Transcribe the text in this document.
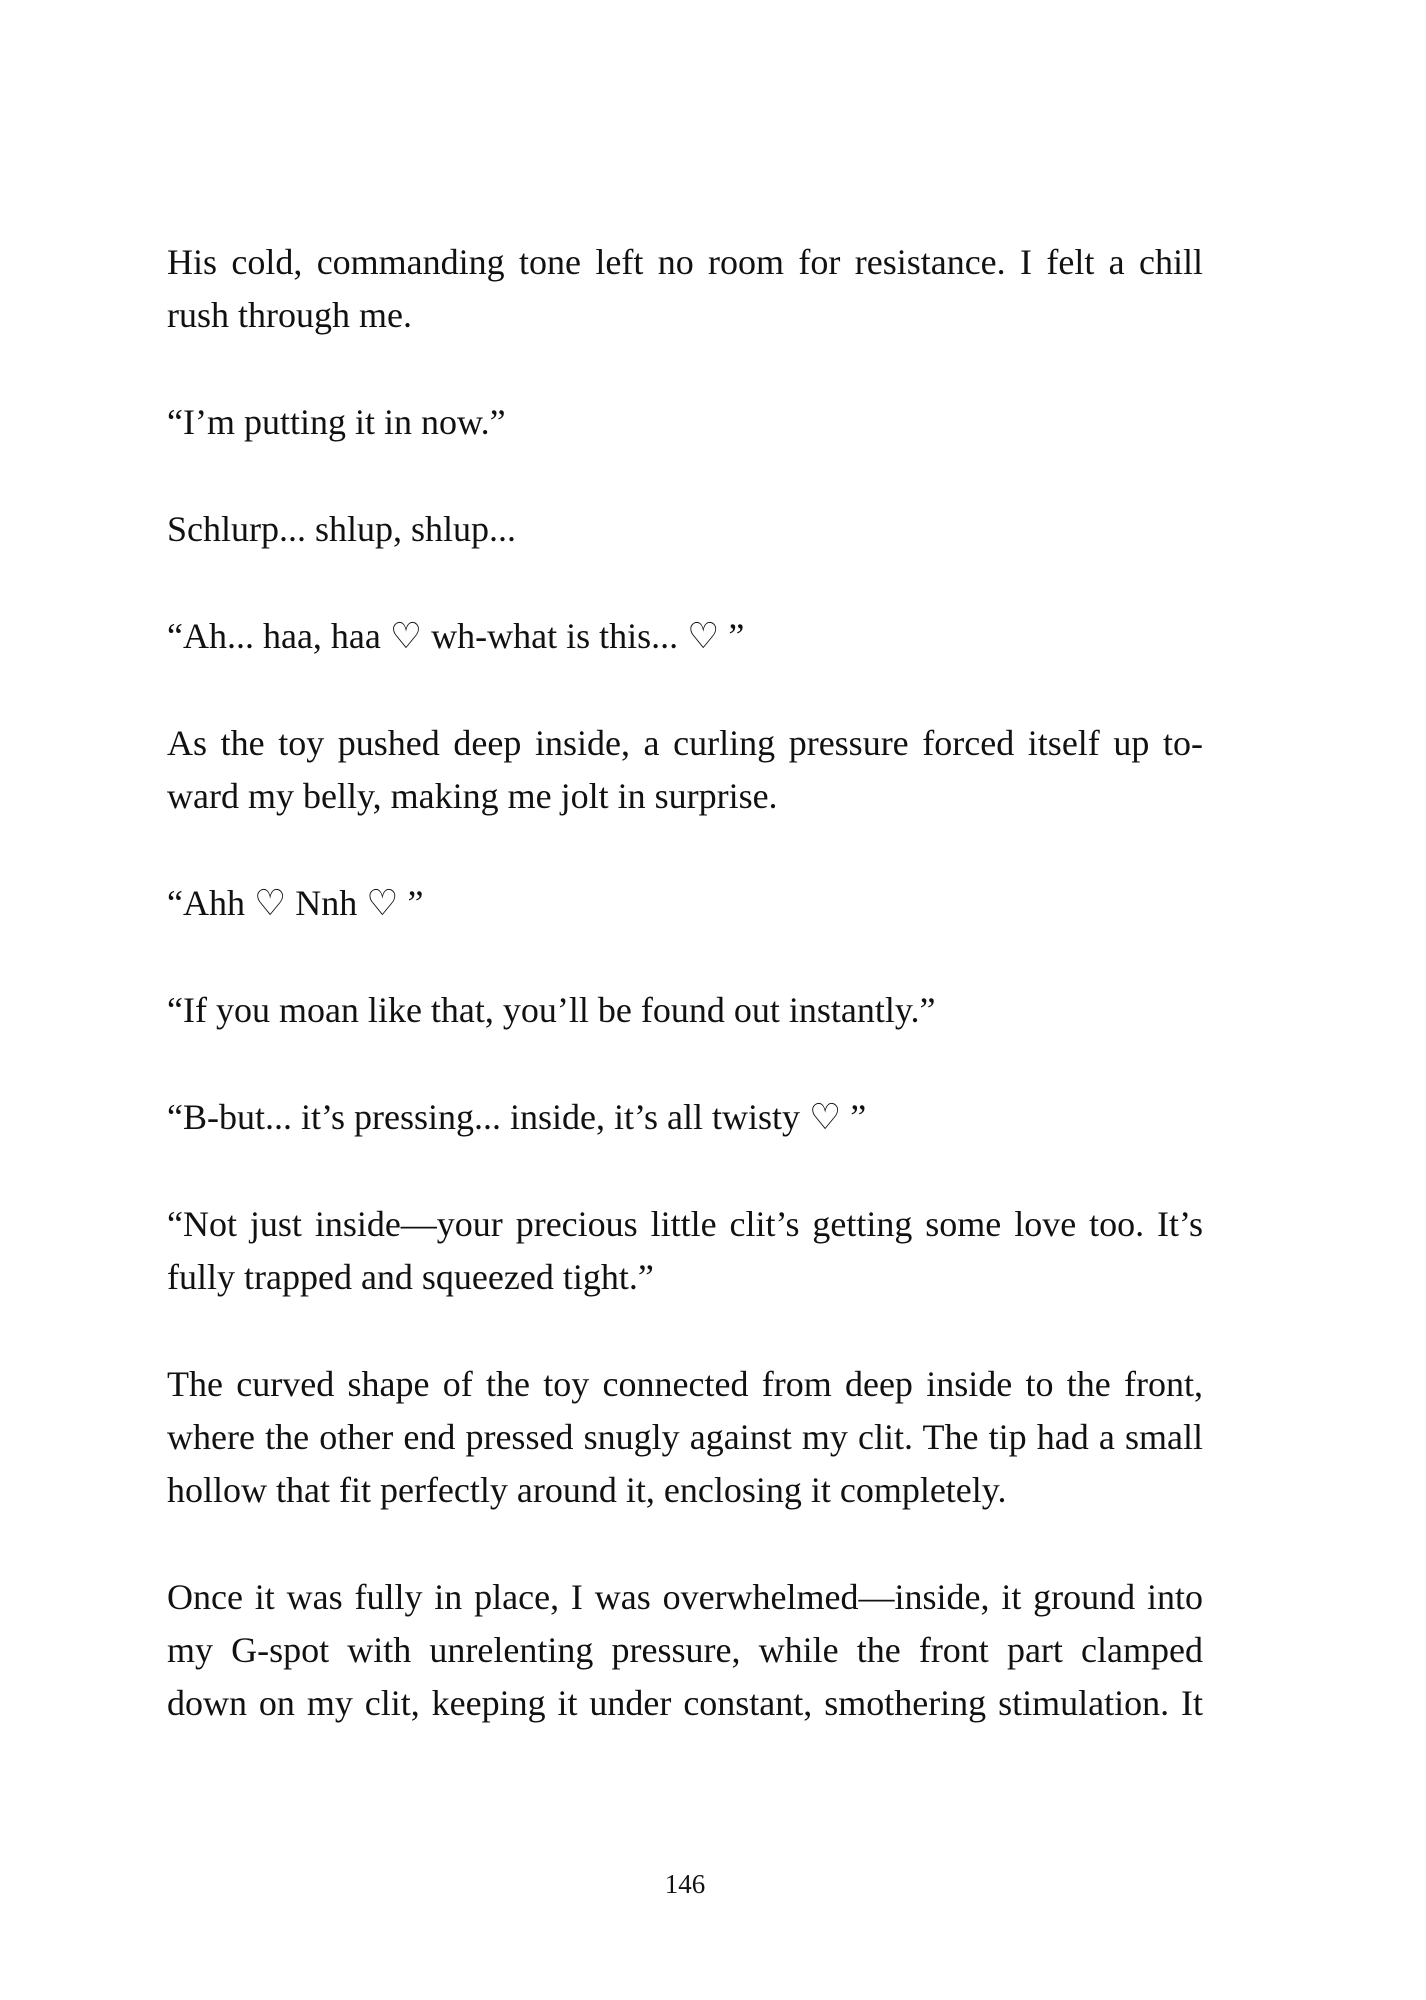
His cold, commanding tone left no room for resistance. I felt a chill
rush through me.
“I’m putting it in now.”
Schlurp... shlup, shlup...
“Ah... haa, haa ♡ wh-what is this... ♡ ”
As the toy pushed deep inside, a curling pressure forced itself up to-
ward my belly, making me jolt in surprise.
“Ahh ♡ Nnh ♡ ”
“If you moan like that, you’ll be found out instantly.”
“B-but... it’s pressing... inside, it’s all twisty ♡ ”
“Not just inside—your precious little clit’s getting some love too. It’s
fully trapped and squeezed tight.”
The curved shape of the toy connected from deep inside to the front,
where the other end pressed snugly against my clit. The tip had a small
hollow that fit perfectly around it, enclosing it completely.
Once it was fully in place, I was overwhelmed—inside, it ground into
my G-spot with unrelenting pressure, while the front part clamped
down on my clit, keeping it under constant, smothering stimulation. It
146
